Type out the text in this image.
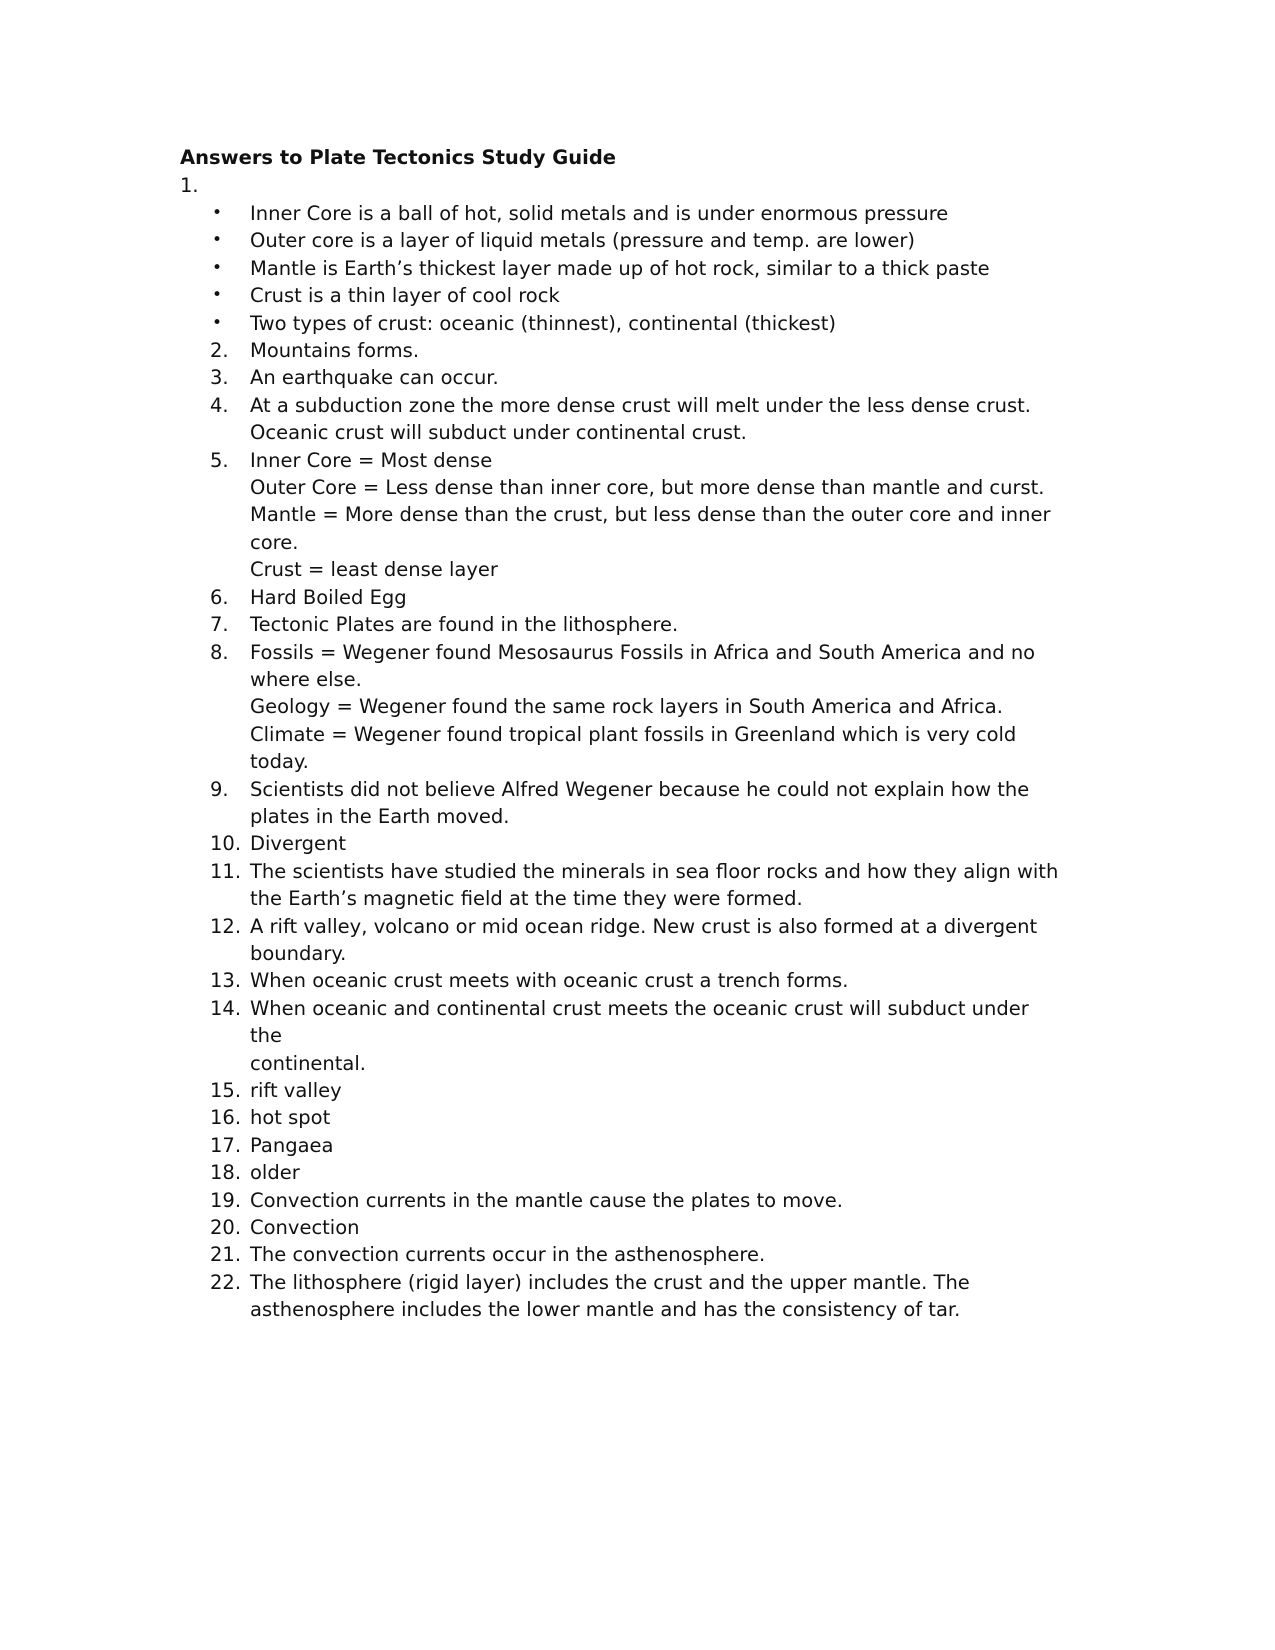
Answers to Plate Tectonics Study Guide
1.
•	Inner Core is a ball of hot, solid metals and is under enormous pressure
•	Outer core is a layer of liquid metals (pressure and temp. are lower)
•	Mantle is Earth’s thickest layer made up of hot rock, similar to a thick paste
•	Crust is a thin layer of cool rock
•	Two types of crust: oceanic (thinnest), continental (thickest)
2.	Mountains forms.
3.	An earthquake can occur.
4.	At a subduction zone the more dense crust will melt under the less dense crust.
Oceanic crust will subduct under continental crust.
5.	Inner Core = Most dense
Outer Core = Less dense than inner core, but more dense than mantle and curst.
Mantle = More dense than the crust, but less dense than the outer core and inner
core.
Crust = least dense layer
6.	Hard Boiled Egg
7.	Tectonic Plates are found in the lithosphere.
8.	Fossils = Wegener found Mesosaurus Fossils in Africa and South America and no
where else.
Geology = Wegener found the same rock layers in South America and Africa.
Climate = Wegener found tropical plant fossils in Greenland which is very cold today.
9.	Scientists did not believe Alfred Wegener because he could not explain how the
plates in the Earth moved.
10. Divergent
11. The scientists have studied the minerals in sea floor rocks and how they align with
the Earth’s magnetic field at the time they were formed.
12. A rift valley, volcano or mid ocean ridge. New crust is also formed at a divergent
boundary.
13. When oceanic crust meets with oceanic crust a trench forms.
14. When oceanic and continental crust meets the oceanic crust will subduct under the
continental.
15. rift valley
16. hot spot
17. Pangaea
18. older
19. Convection currents in the mantle cause the plates to move.
20. Convection
21. The convection currents occur in the asthenosphere.
22. The lithosphere (rigid layer) includes the crust and the upper mantle. The
asthenosphere includes the lower mantle and has the consistency of tar.
